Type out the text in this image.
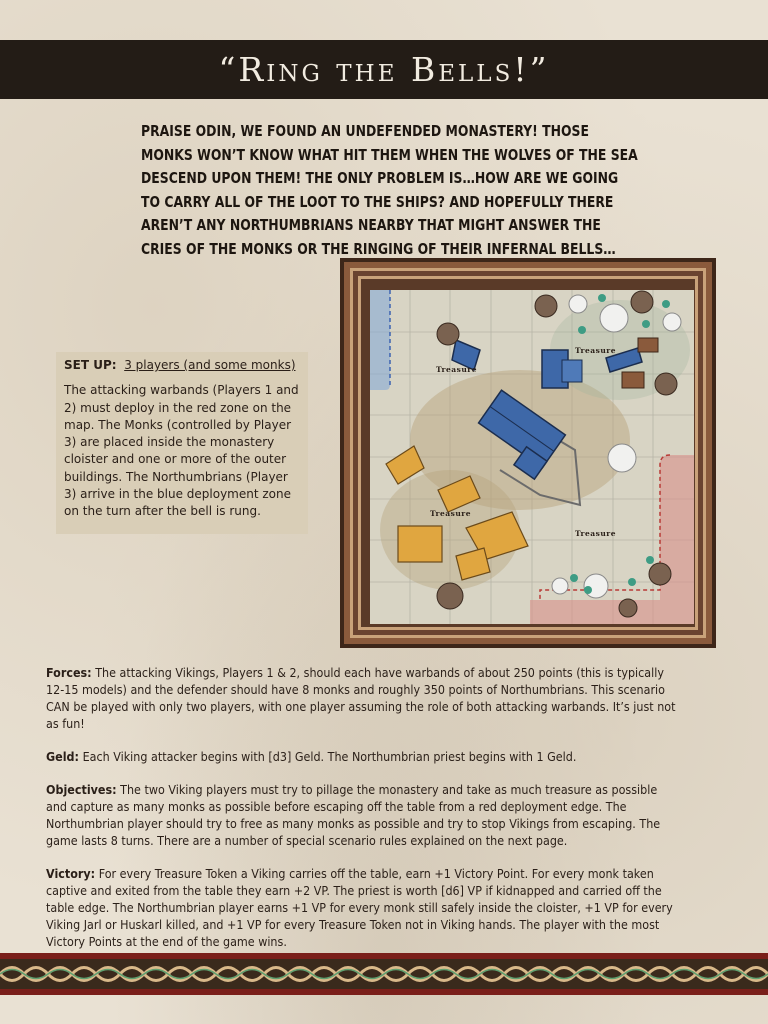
“Ring the Bells!”
PRAISE ODIN, WE FOUND AN UNDEFENDED MONASTERY! THOSE MONKS WON’T KNOW WHAT HIT THEM WHEN THE WOLVES OF THE SEA DESCEND UPON THEM! THE ONLY PROBLEM IS…HOW ARE WE GOING TO CARRY ALL OF THE LOOT TO THE SHIPS? AND HOPEFULLY THERE AREN’T ANY NORTHUMBRIANS NEARBY THAT MIGHT ANSWER THE CRIES OF THE MONKS OR THE RINGING OF THEIR INFERNAL BELLS…
Treasure
Treasure
Treasure
Treasure
SET UP: 3 players (and some monks)

The attacking warbands (Players 1 and 2) must deploy in the red zone on the map. The Monks (controlled by Player 3) are placed inside the monastery cloister and one or more of the outer buildings. The Northumbrians (Player 3) arrive in the blue deployment zone on the turn after the bell is rung.

Forces: The attacking Vikings, Players 1 & 2, should each have warbands of about 250 points (this is typically 12-15 models) and the defender should have 8 monks and roughly 350 points of Northumbrians. This scenario CAN be played with only two players, with one player assuming the role of both attacking warbands. It’s just not as fun!

Geld: Each Viking attacker begins with [d3] Geld. The Northumbrian priest begins with 1 Geld.

Objectives: The two Viking players must try to pillage the monastery and take as much treasure as possible and capture as many monks as possible before escaping off the table from a red deployment edge. The Northumbrian player should try to free as many monks as possible and try to stop Vikings from escaping. The game lasts 8 turns. There are a number of special scenario rules explained on the next page.

Victory: For every Treasure Token a Viking carries off the table, earn +1 Victory Point. For every monk taken captive and exited from the table they earn +2 VP. The priest is worth [d6] VP if kidnapped and carried off the table edge. The Northumbrian player earns +1 VP for every monk still safely inside the cloister, +1 VP for every Viking Jarl or Huskarl killed, and +1 VP for every Treasure Token not in Viking hands. The player with the most Victory Points at the end of the game wins.
